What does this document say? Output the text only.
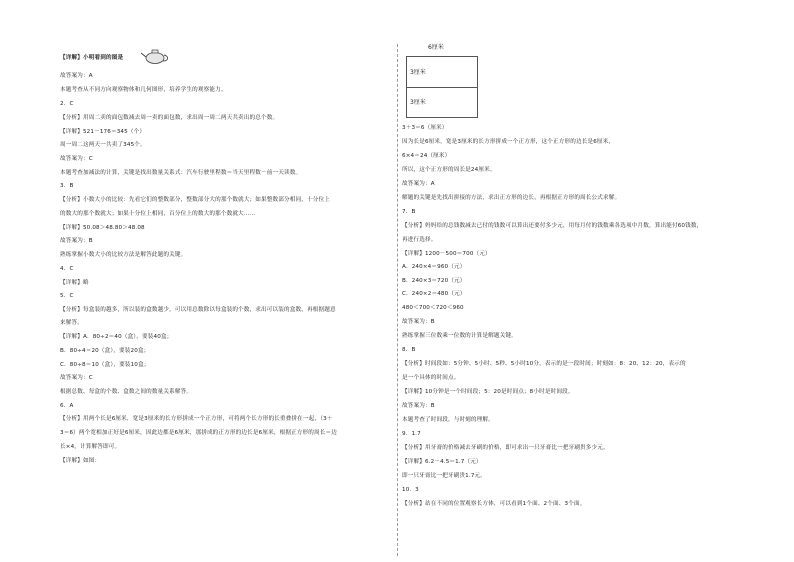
【详解】小明看到的图是
故答案为：A
本题考查从不同方向观察物体和几何图形，培养学生的观察能力。
2．C
【分析】用周二卖的面包数减去周一卖的面包数，求出周一周二两天共卖出的总个数。
【详解】521－176＝345（个）
周一周二这两天一共卖了345个。
故答案为：C
本题考查加减法的计算，关键是找出数量关系式：汽车行驶里程数＝当天里程数－前一天读数。
3．B
【分析】小数大小的比较：先看它们的整数部分，整数部分大的那个数就大；如果整数部分相同，十分位上
的数大的那个数就大；如果十分位上相同，百分位上的数大的那个数就大……
【详解】50.08＞48.80＞48.08
故答案为：B
熟练掌握小数大小的比较方法是解答此题的关键。
4．C
【详解】略
5．C
【分析】每盒装的越多，所以装的盒数越少，可以用总数除以每盒装的个数，求出可以装的盒数，再根据题意
来解答。
【详解】A．80÷2＝40（盒），要装40盒；
B．80÷4＝20（盒），要装20盒；
C．80÷8＝10（盒），要装10盒；
故答案为：C
根据总数、每盒的个数、盒数之间的数量关系解答。
6．A
【分析】用两个长是6厘米，宽是3厘米的长方形拼成一个正方形，可将两个长方形的长重叠拼在一起，（3＋
3＝6）两个宽相加正好是6厘米，因此边都是6厘米，那拼成的正方形的边长是6厘米，根据正方形的周长＝边
长×4，计算解答即可。
【详解】如图：
6厘米
3厘米
3厘米
3＋3＝6（厘米）
因为长是6厘米，宽是3厘米的长方形拼成一个正方形，这个正方形的边长是6厘米，
6×4＝24（厘米）
所以，这个正方形的周长是24厘米。
故答案为：A
解题的关键是先找出拼接的方法，求出正方形的边长，再根据正方形的周长公式求解。
7．B
【分析】妈妈给的总钱数减去已付的钱数可以算出还要付多少元，用每月付的钱数乘各选项中月数，算出能付60钱数，
再进行选择。
【详解】1200－500＝700（元）
A．240×4＝960（元）
B．240×3＝720（元）
C．240×2＝480（元）
480＜700＜720＜960
故答案为：B
熟练掌握三位数乘一位数的计算是解题关键。
8．B
【分析】时间段如：5分钟、5小时、5秒、5小时10分，表示的是一段时间；时刻如：8：20、12：20，表示的
是一个具体的时间点。
【详解】10分钟是一个时间段；5：20是时间点；8小时是时间段。
故答案为：B
本题考查了时间段，与时刻的理解。
9．1.7
【分析】用牙膏的价格减去牙刷的价格，即可求出一只牙膏比一把牙刷贵多少元。
【详解】6.2－4.5＝1.7（元）
即一只牙膏比一把牙刷贵1.7元。
10．3
【分析】站在不同的位置观察长方体，可以看到1个面、2个面、3个面。
